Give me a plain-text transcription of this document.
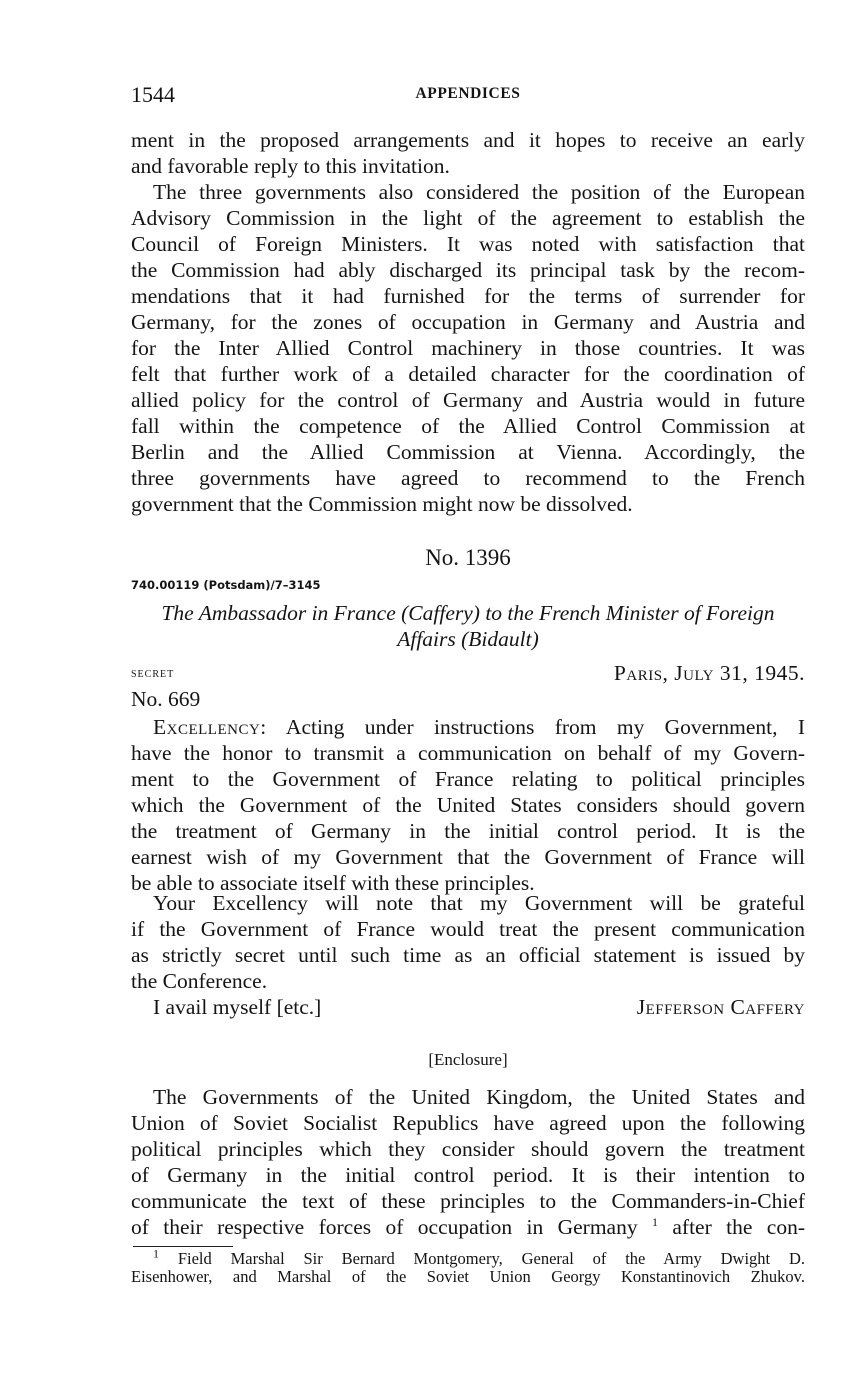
1544	APPENDICES
ment in the proposed arrangements and it hopes to receive an early
and favorable reply to this invitation.
The three governments also considered the position of the European
Advisory Commission in the light of the agreement to establish the
Council of Foreign Ministers. It was noted with satisfaction that
the Commission had ably discharged its principal task by the recom-
mendations that it had furnished for the terms of surrender for
Germany, for the zones of occupation in Germany and Austria and
for the Inter Allied Control machinery in those countries. It was
felt that further work of a detailed character for the coordination of
allied policy for the control of Germany and Austria would in future
fall within the competence of the Allied Control Commission at
Berlin and the Allied Commission at Vienna. Accordingly, the
three governments have agreed to recommend to the French
government that the Commission might now be dissolved.
No. 1396
740.00119 (Potsdam)/7–3145
The Ambassador in France (Caffery) to the French Minister of Foreign
Affairs (Bidault)
secret	Paris, July 31, 1945.
No. 669
Excellency: Acting under instructions from my Government, I
have the honor to transmit a communication on behalf of my Govern-
ment to the Government of France relating to political principles
which the Government of the United States considers should govern
the treatment of Germany in the initial control period. It is the
earnest wish of my Government that the Government of France will
be able to associate itself with these principles.
Your Excellency will note that my Government will be grateful
if the Government of France would treat the present communication
as strictly secret until such time as an official statement is issued by
the Conference.
I avail myself [etc.]	Jefferson Caffery
[Enclosure]
The Governments of the United Kingdom, the United States and
Union of Soviet Socialist Republics have agreed upon the following
political principles which they consider should govern the treatment
of Germany in the initial control period. It is their intention to
communicate the text of these principles to the Commanders-in-Chief
of their respective forces of occupation in Germany $^1$ after the con-
$^1$ Field Marshal Sir Bernard Montgomery, General of the Army Dwight D.
Eisenhower, and Marshal of the Soviet Union Georgy Konstantinovich Zhukov.
